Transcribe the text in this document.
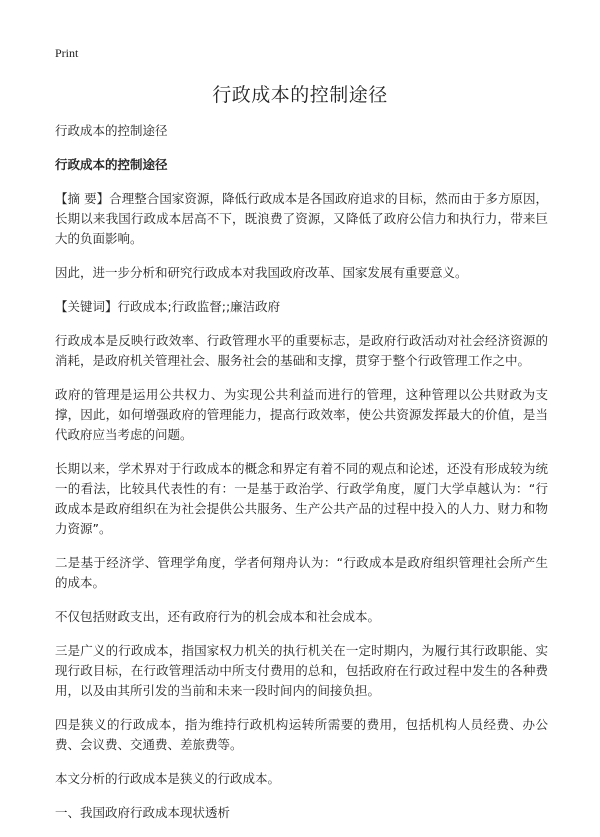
Print
行政成本的控制途径

行政成本的控制途径

行政成本的控制途径

【摘 要】合理整合国家资源，降低行政成本是各国政府追求的目标，然而由于多方原因，长期以来我国行政成本居高不下，既浪费了资源，又降低了政府公信力和执行力，带来巨大的负面影响。

因此，进一步分析和研究行政成本对我国政府改革、国家发展有重要意义。

【关键词】行政成本;行政监督;;廉洁政府

行政成本是反映行政效率、行政管理水平的重要标志，是政府行政活动对社会经济资源的消耗，是政府机关管理社会、服务社会的基础和支撑，贯穿于整个行政管理工作之中。

政府的管理是运用公共权力、为实现公共利益而进行的管理，这种管理以公共财政为支撑，因此，如何增强政府的管理能力，提高行政效率，使公共资源发挥最大的价值，是当代政府应当考虑的问题。

长期以来，学术界对于行政成本的概念和界定有着不同的观点和论述，还没有形成较为统一的看法，比较具代表性的有：一是基于政治学、行政学角度，厦门大学卓越认为：“行政成本是政府组织在为社会提供公共服务、生产公共产品的过程中投入的人力、财力和物力资源”。

二是基于经济学、管理学角度，学者何翔舟认为：“行政成本是政府组织管理社会所产生的成本。

不仅包括财政支出，还有政府行为的机会成本和社会成本。

三是广义的行政成本，指国家权力机关的执行机关在一定时期内，为履行其行政职能、实现行政目标，在行政管理活动中所支付费用的总和，包括政府在行政过程中发生的各种费用，以及由其所引发的当前和未来一段时间内的间接负担。

四是狭义的行政成本，指为维持行政机构运转所需要的费用，包括机构人员经费、办公费、会议费、交通费、差旅费等。

本文分析的行政成本是狭义的行政成本。

一、我国政府行政成本现状透析
